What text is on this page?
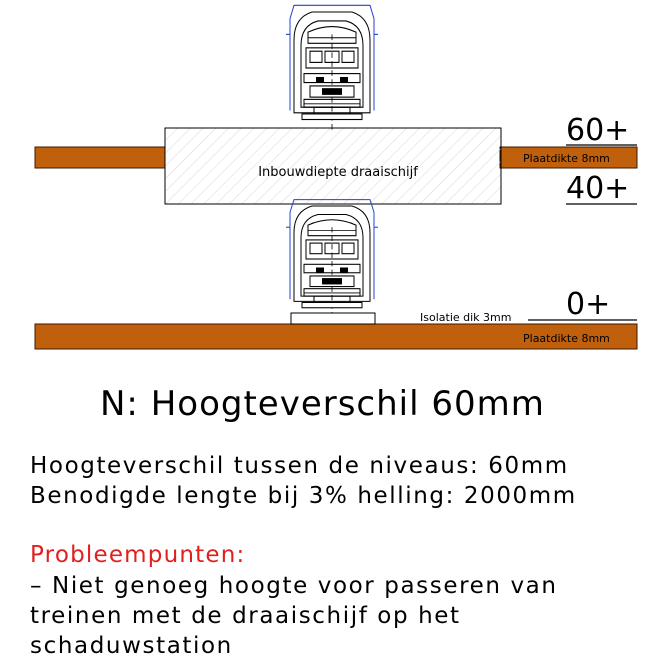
Inbouwdiepte draaischijf
60+
Plaatdikte 8mm
40+
Isolatie dik 3mm 0+
Plaatdikte 8mm
N: Hoogteverschil 60mm
Hoogteverschil tussen de niveaus: 60mm
Benodigde lengte bij 3% helling: 2000mm
Probleempunten:
– Niet genoeg hoogte voor passeren van
treinen met de draaischijf op het
schaduwstation
